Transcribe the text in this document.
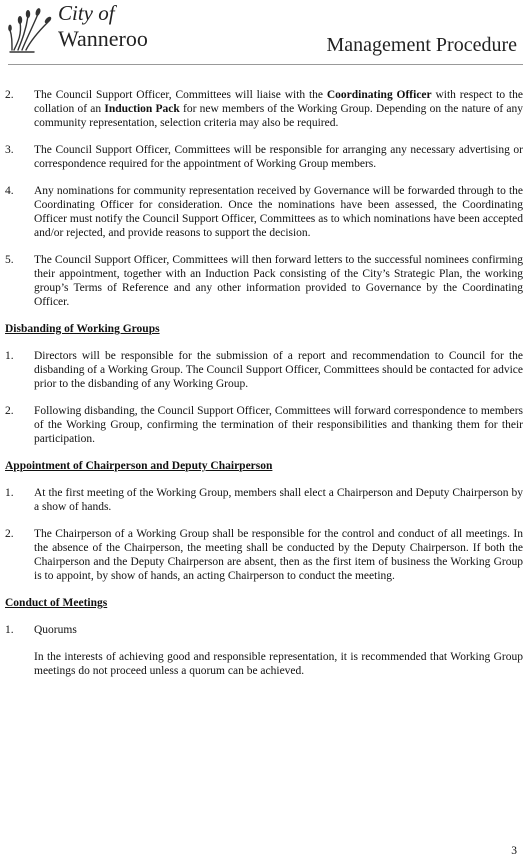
City of
Wanneroo	Management Procedure
2. The Council Support Officer, Committees will liaise with the Coordinating Officer with respect to the collation of an Induction Pack for new members of the Working Group. Depending on the nature of any community representation, selection criteria may also be required.
3. The Council Support Officer, Committees will be responsible for arranging any necessary advertising or correspondence required for the appointment of Working Group members.
4. Any nominations for community representation received by Governance will be forwarded through to the Coordinating Officer for consideration. Once the nominations have been assessed, the Coordinating Officer must notify the Council Support Officer, Committees as to which nominations have been accepted and/or rejected, and provide reasons to support the decision.
5. The Council Support Officer, Committees will then forward letters to the successful nominees confirming their appointment, together with an Induction Pack consisting of the City’s Strategic Plan, the working group’s Terms of Reference and any other information provided to Governance by the Coordinating Officer.
Disbanding of Working Groups
1. Directors will be responsible for the submission of a report and recommendation to Council for the disbanding of a Working Group. The Council Support Officer, Committees should be contacted for advice prior to the disbanding of any Working Group.
2. Following disbanding, the Council Support Officer, Committees will forward correspondence to members of the Working Group, confirming the termination of their responsibilities and thanking them for their participation.
Appointment of Chairperson and Deputy Chairperson
1. At the first meeting of the Working Group, members shall elect a Chairperson and Deputy Chairperson by a show of hands.
2. The Chairperson of a Working Group shall be responsible for the control and conduct of all meetings. In the absence of the Chairperson, the meeting shall be conducted by the Deputy Chairperson. If both the Chairperson and the Deputy Chairperson are absent, then as the first item of business the Working Group is to appoint, by show of hands, an acting Chairperson to conduct the meeting.
Conduct of Meetings
1. Quorums
In the interests of achieving good and responsible representation, it is recommended that Working Group meetings do not proceed unless a quorum can be achieved.
3
